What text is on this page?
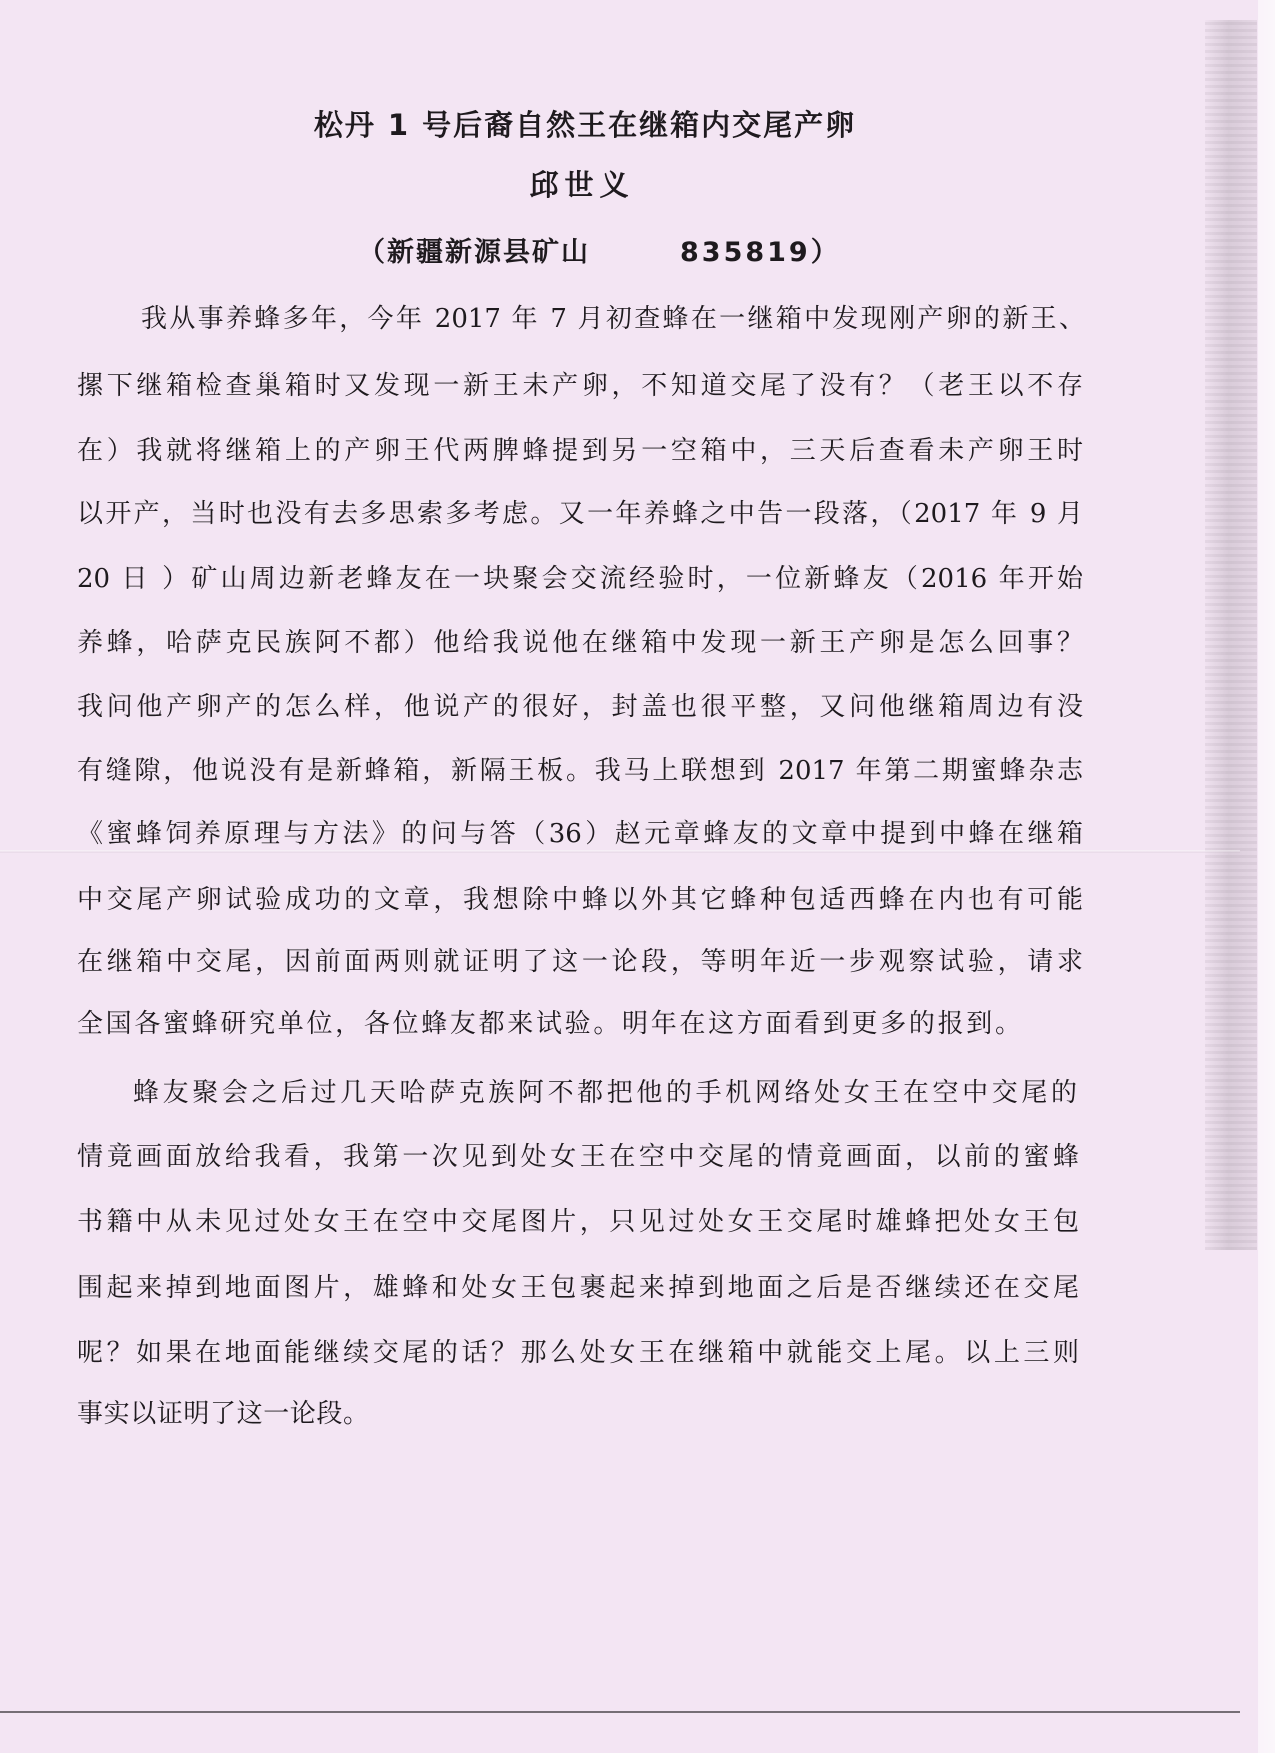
松丹 1 号后裔自然王在继箱内交尾产卵
邱世义
（新疆新源县矿山	835819）
我从事养蜂多年，今年 2017 年 7 月初查蜂在一继箱中发现刚产卵的新王、
摞下继箱检查巢箱时又发现一新王未产卵，不知道交尾了没有？（老王以不存
在）我就将继箱上的产卵王代两脾蜂提到另一空箱中，三天后查看未产卵王时
以开产，当时也没有去多思索多考虑。又一年养蜂之中告一段落，（2017 年 9 月
20 日 ）矿山周边新老蜂友在一块聚会交流经验时，一位新蜂友（2016 年开始
养蜂，哈萨克民族阿不都）他给我说他在继箱中发现一新王产卵是怎么回事？
我问他产卵产的怎么样，他说产的很好，封盖也很平整，又问他继箱周边有没
有缝隙，他说没有是新蜂箱，新隔王板。我马上联想到 2017 年第二期蜜蜂杂志
《蜜蜂饲养原理与方法》的问与答（36）赵元章蜂友的文章中提到中蜂在继箱
中交尾产卵试验成功的文章，我想除中蜂以外其它蜂种包适西蜂在内也有可能
在继箱中交尾，因前面两则就证明了这一论段，等明年近一步观察试验，请求
全国各蜜蜂研究单位，各位蜂友都来试验。明年在这方面看到更多的报到。
蜂友聚会之后过几天哈萨克族阿不都把他的手机网络处女王在空中交尾的
情竟画面放给我看，我第一次见到处女王在空中交尾的情竟画面，以前的蜜蜂
书籍中从未见过处女王在空中交尾图片，只见过处女王交尾时雄蜂把处女王包
围起来掉到地面图片，雄蜂和处女王包裹起来掉到地面之后是否继续还在交尾
呢？如果在地面能继续交尾的话？那么处女王在继箱中就能交上尾。以上三则
事实以证明了这一论段。
